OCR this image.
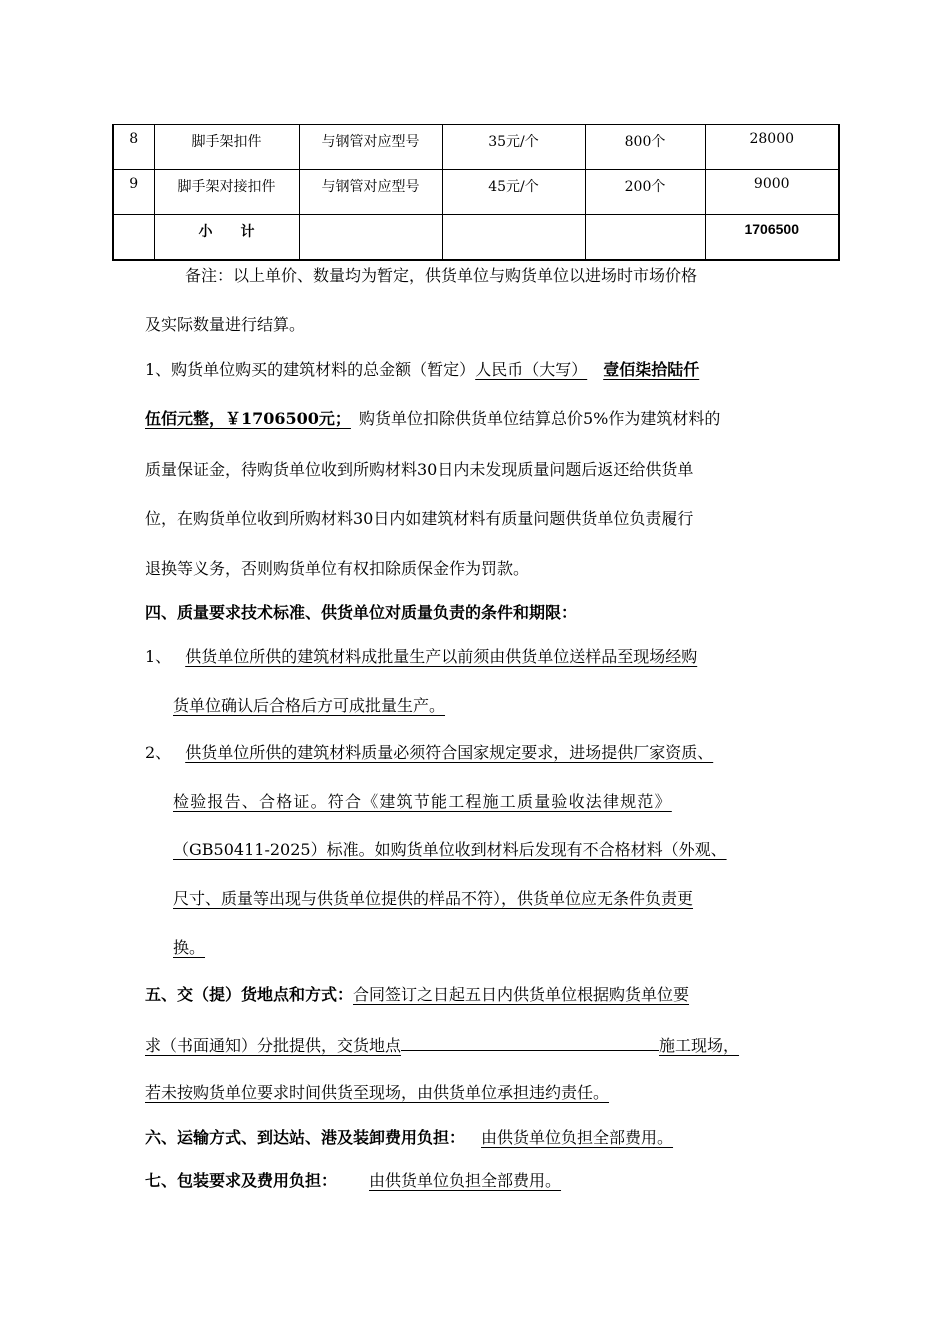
8	脚手架扣件	与钢管对应型号	35元/个	800个	28000
9	脚手架对接扣件	与钢管对应型号	45元/个	200个	9000
	小　　计				1706500
备注：以上单价、数量均为暂定，供货单位与购货单位以进场时市场价格
及实际数量进行结算。
1、购货单位购买的建筑材料的总金额（暂定）人民币（大写） 壹佰柒拾陆仟
伍佰元整，￥1706500元； 购货单位扣除供货单位结算总价5%作为建筑材料的
质量保证金，待购货单位收到所购材料30日内未发现质量问题后返还给供货单
位，在购货单位收到所购材料30日内如建筑材料有质量问题供货单位负责履行
退换等义务，否则购货单位有权扣除质保金作为罚款。
四、质量要求技术标准、供货单位对质量负责的条件和期限：
1、 供货单位所供的建筑材料成批量生产以前须由供货单位送样品至现场经购
货单位确认后合格后方可成批量生产。
2、 供货单位所供的建筑材料质量必须符合国家规定要求，进场提供厂家资质、
检验报告、合格证。符合《建筑节能工程施工质量验收法律规范》
（GB50411-2025）标准。如购货单位收到材料后发现有不合格材料（外观、
尺寸、质量等出现与供货单位提供的样品不符），供货单位应无条件负责更
换。
五、交（提）货地点和方式：合同签订之日起五日内供货单位根据购货单位要
求（书面通知）分批提供，交货地点	施工现场，
若未按购货单位要求时间供货至现场，由供货单位承担违约责任。
六、运输方式、到达站、港及装卸费用负担： 由供货单位负担全部费用。
七、包装要求及费用负担： 由供货单位负担全部费用。
